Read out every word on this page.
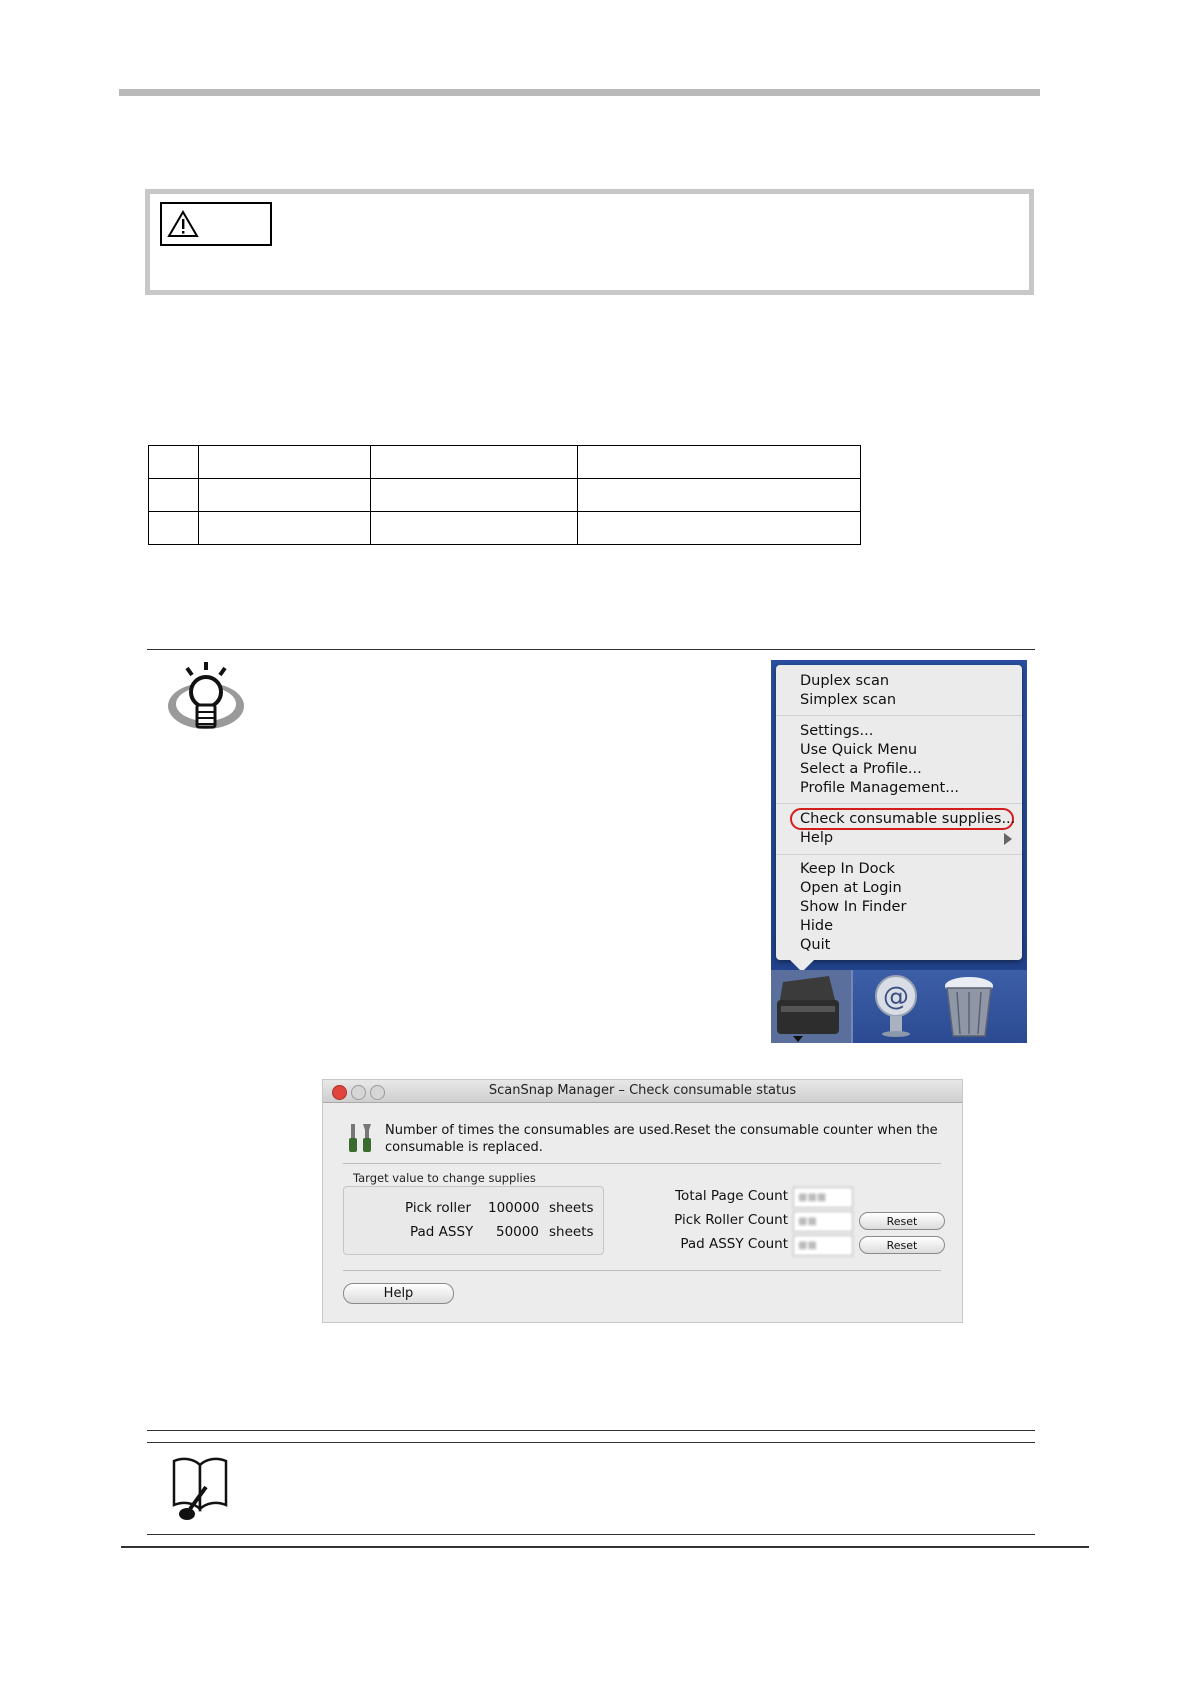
Duplex scan
Simplex scan
Settings...
Use Quick Menu
Select a Profile...
Profile Management...
Check consumable supplies...
Help
Keep In Dock
Open at Login
Show In Finder
Hide
Quit
@
ScanSnap Manager – Check consumable status
Number of times the consumables are used.Reset the consumable counter when the consumable is replaced.
Target value to change supplies
Pick roller 100000 sheets
Pad ASSY 50000 sheets
Total Page Count	■■■
Pick Roller Count	■■	Reset
Pad ASSY Count	■■	Reset
Help
